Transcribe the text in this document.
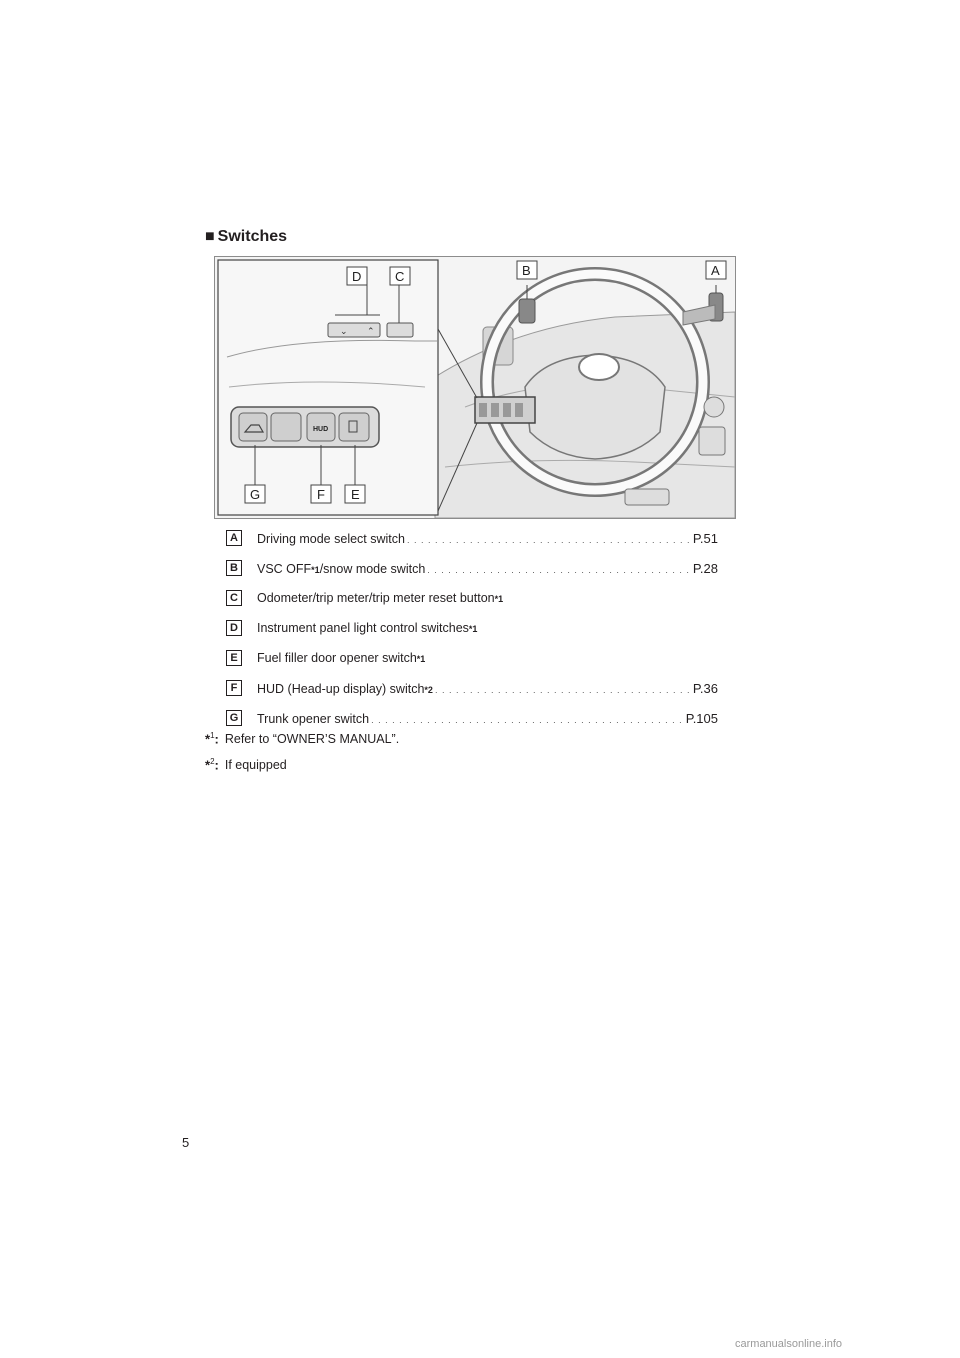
■ Switches
⌄ ⌃
HUD
D	C	B	A
G	F E
A	Driving mode select switch . . .	P.51
B	VSC OFF *1 /snow mode switch . . .	P.28
C	Odometer/trip meter/trip meter reset button *1
D	Instrument panel light control switches *1
E	Fuel filler door opener switch *1
F	HUD (Head-up display) switch *2 . . .	P.36
G Trunk opener switch . . .	P.105
*$^1$: Refer to “OWNER’S MANUAL”.
*$^2$: If equipped
5
carmanualsonline.info
